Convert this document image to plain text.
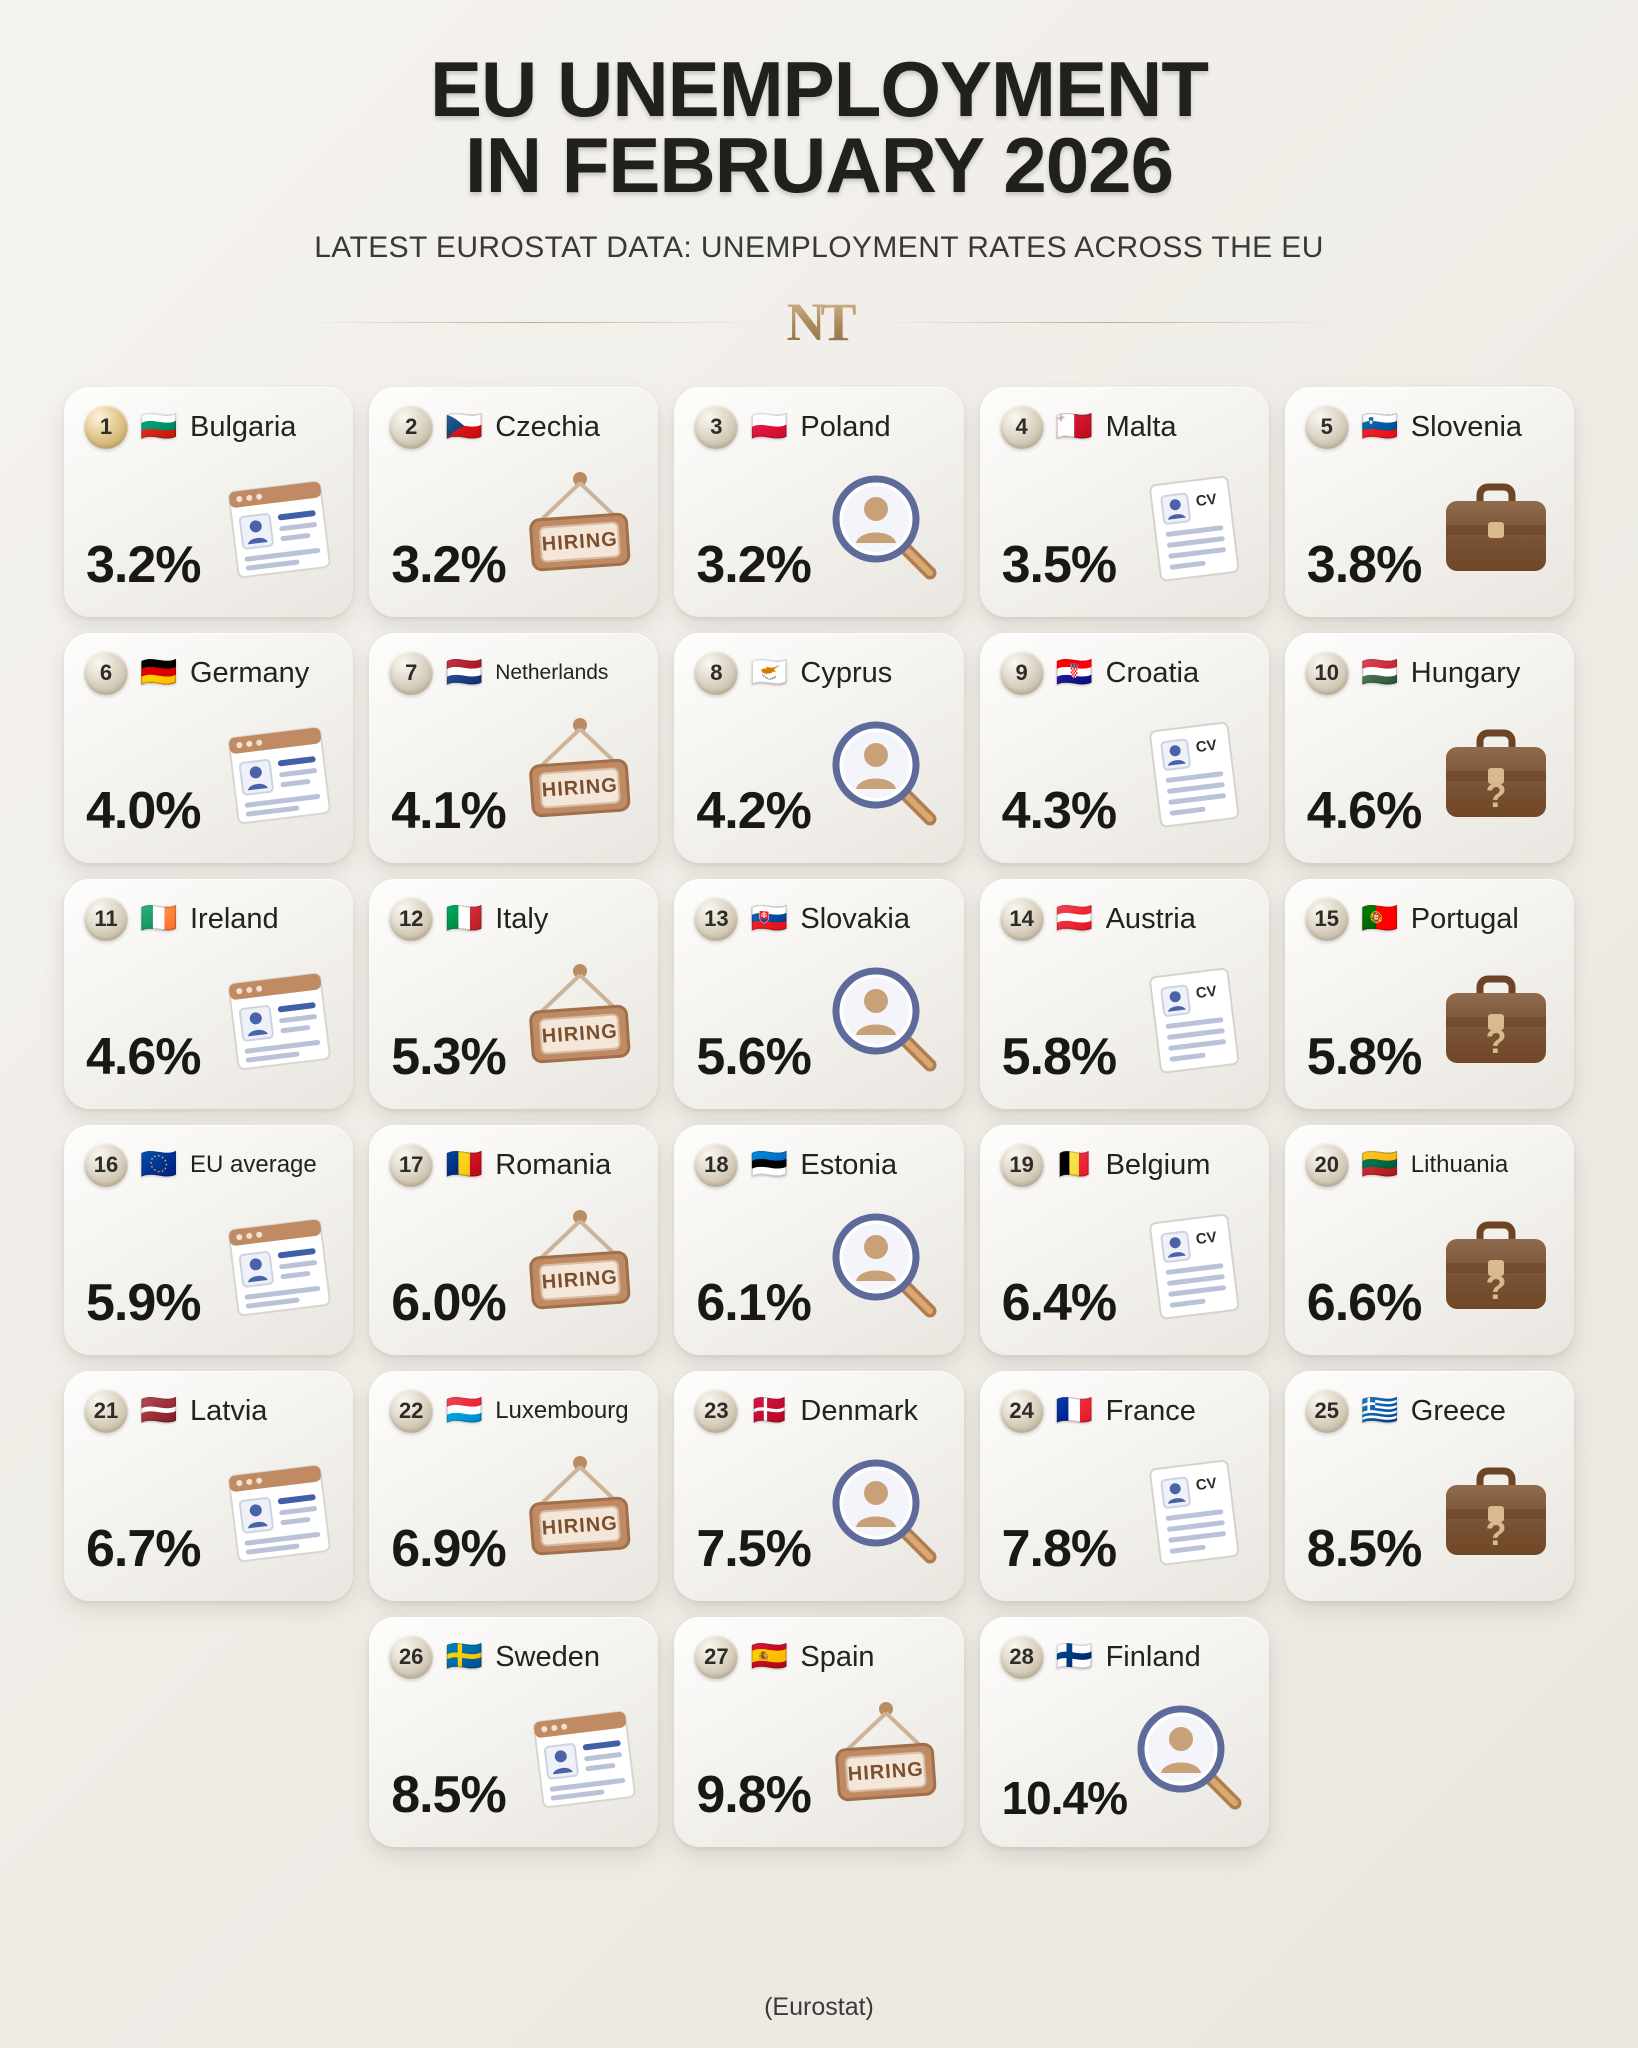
EU UNEMPLOYMENT
IN FEBRUARY 2026
LATEST EUROSTAT DATA: UNEMPLOYMENT RATES ACROSS THE EU
NT
1 🇧🇬 Bulgaria
3.2%
2 🇨🇿 Czechia
3.2% HIRING
3 🇵🇱 Poland
3.2%
4 🇲🇹 Malta
3.5%
CV
5 🇸🇮 Slovenia
3.8%
6 🇩🇪 Germany
4.0%
7 🇳🇱 Netherlands
4.1% HIRING
8 🇨🇾 Cyprus
4.2%
9 🇭🇷 Croatia
4.3%
CV
10 🇭🇺 Hungary
4.6% ?
11 🇮🇪 Ireland
4.6%
12 🇮🇹 Italy
5.3% HIRING
13 🇸🇰 Slovakia
5.6%
14 🇦🇹 Austria
5.8%
CV
15 🇵🇹 Portugal
5.8% ?
16 🇪🇺 EU average
5.9%
17 🇷🇴 Romania
6.0% HIRING
18 🇪🇪 Estonia
6.1%
19 🇧🇪 Belgium
6.4%
CV
20 🇱🇹 Lithuania
6.6% ?
21 🇱🇻 Latvia
6.7%
22 🇱🇺 Luxembourg
6.9% HIRING
23 🇩🇰 Denmark
7.5%
24 🇫🇷 France
7.8%
CV
25 🇬🇷 Greece
8.5% ?
26 🇸🇪 Sweden
8.5%
27 🇪🇸 Spain
9.8% HIRING
28 🇫🇮 Finland
10.4%
(Eurostat)
